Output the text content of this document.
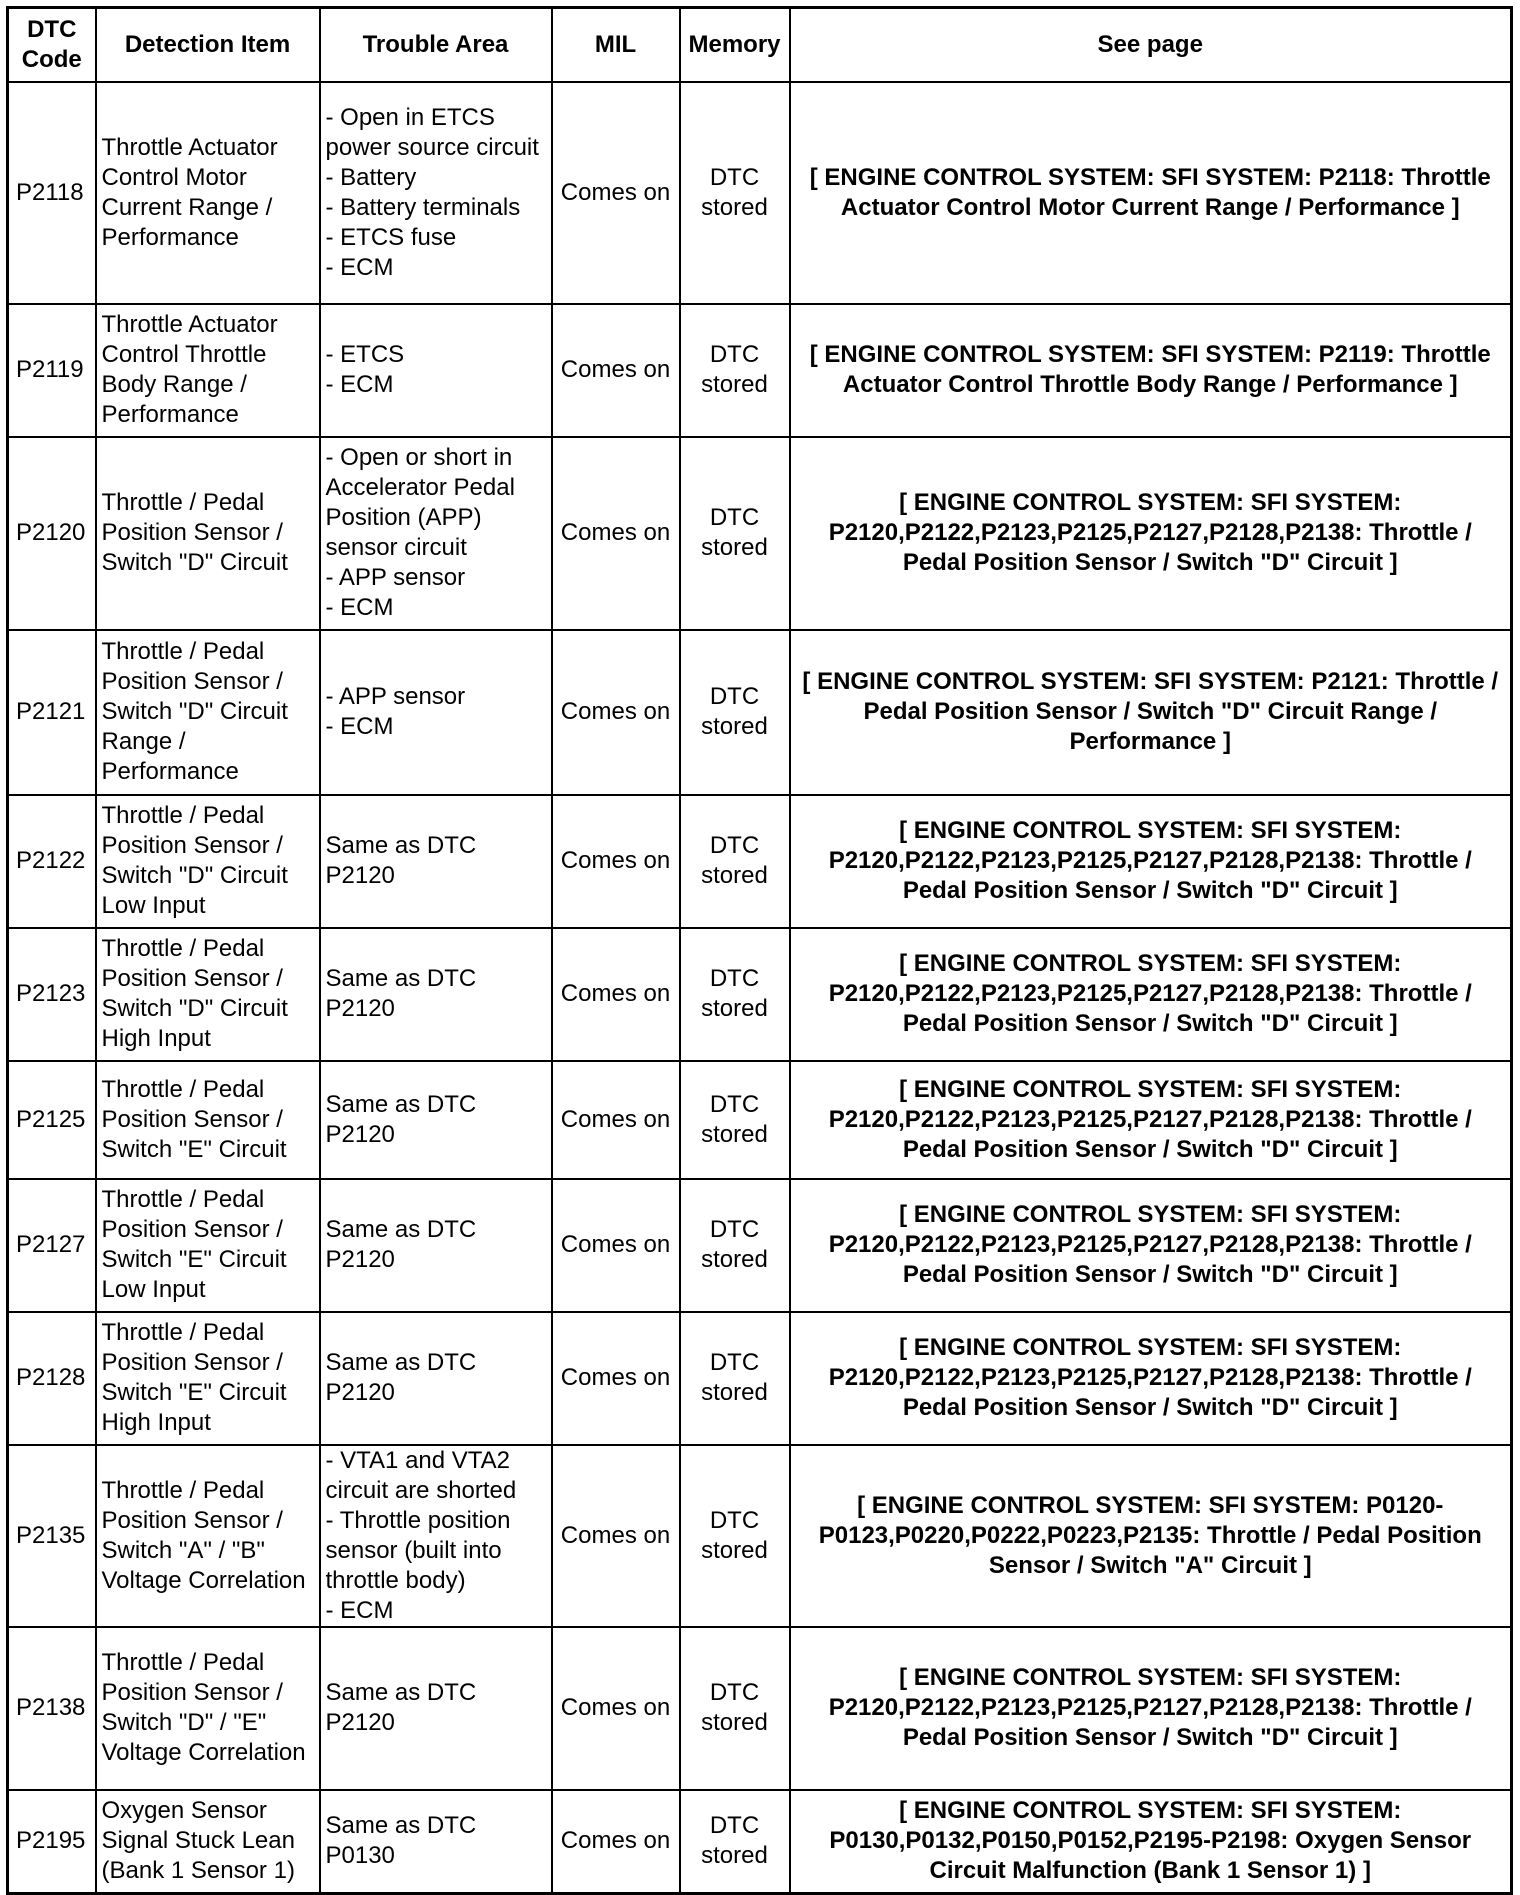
DTC
Code	Detection Item	Trouble Area	MIL	Memory	See page
P2118	Throttle Actuator Control Motor Current Range / Performance	- Open in ETCS power source circuit
- Battery
- Battery terminals
- ETCS fuse
- ECM	Comes on	DTC
stored	[ ENGINE CONTROL SYSTEM: SFI SYSTEM: P2118: Throttle Actuator Control Motor Current Range / Performance ]
P2119	Throttle Actuator Control Throttle Body Range / Performance	- ETCS
- ECM	Comes on	DTC
stored	[ ENGINE CONTROL SYSTEM: SFI SYSTEM: P2119: Throttle Actuator Control Throttle Body Range / Performance ]
P2120	Throttle / Pedal Position Sensor / Switch "D" Circuit	- Open or short in Accelerator Pedal Position (APP) sensor circuit
- APP sensor
- ECM	Comes on	DTC
stored	[ ENGINE CONTROL SYSTEM: SFI SYSTEM: P2120,P2122,P2123,P2125,P2127,P2128,P2138: Throttle / Pedal Position Sensor / Switch "D" Circuit ]
P2121	Throttle / Pedal Position Sensor / Switch "D" Circuit Range / Performance	- APP sensor
- ECM	Comes on	DTC
stored	[ ENGINE CONTROL SYSTEM: SFI SYSTEM: P2121: Throttle / Pedal Position Sensor / Switch "D" Circuit Range / Performance ]
P2122	Throttle / Pedal Position Sensor / Switch "D" Circuit Low Input	Same as DTC P2120	Comes on	DTC
stored	[ ENGINE CONTROL SYSTEM: SFI SYSTEM: P2120,P2122,P2123,P2125,P2127,P2128,P2138: Throttle / Pedal Position Sensor / Switch "D" Circuit ]
P2123	Throttle / Pedal Position Sensor / Switch "D" Circuit High Input	Same as DTC P2120	Comes on	DTC
stored	[ ENGINE CONTROL SYSTEM: SFI SYSTEM: P2120,P2122,P2123,P2125,P2127,P2128,P2138: Throttle / Pedal Position Sensor / Switch "D" Circuit ]
P2125	Throttle / Pedal Position Sensor / Switch "E" Circuit	Same as DTC P2120	Comes on	DTC
stored	[ ENGINE CONTROL SYSTEM: SFI SYSTEM: P2120,P2122,P2123,P2125,P2127,P2128,P2138: Throttle / Pedal Position Sensor / Switch "D" Circuit ]
P2127	Throttle / Pedal Position Sensor / Switch "E" Circuit Low Input	Same as DTC P2120	Comes on	DTC
stored	[ ENGINE CONTROL SYSTEM: SFI SYSTEM: P2120,P2122,P2123,P2125,P2127,P2128,P2138: Throttle / Pedal Position Sensor / Switch "D" Circuit ]
P2128	Throttle / Pedal Position Sensor / Switch "E" Circuit High Input	Same as DTC P2120	Comes on	DTC
stored	[ ENGINE CONTROL SYSTEM: SFI SYSTEM: P2120,P2122,P2123,P2125,P2127,P2128,P2138: Throttle / Pedal Position Sensor / Switch "D" Circuit ]
P2135	Throttle / Pedal Position Sensor / Switch "A" / "B" Voltage Correlation	- VTA1 and VTA2 circuit are shorted
- Throttle position sensor (built into throttle body)
- ECM	Comes on	DTC
stored	[ ENGINE CONTROL SYSTEM: SFI SYSTEM: P0120-P0123,P0220,P0222,P0223,P2135: Throttle / Pedal Position Sensor / Switch "A" Circuit ]
P2138	Throttle / Pedal Position Sensor / Switch "D" / "E" Voltage Correlation	Same as DTC P2120	Comes on	DTC
stored	[ ENGINE CONTROL SYSTEM: SFI SYSTEM: P2120,P2122,P2123,P2125,P2127,P2128,P2138: Throttle / Pedal Position Sensor / Switch "D" Circuit ]
P2195	Oxygen Sensor Signal Stuck Lean (Bank 1 Sensor 1)	Same as DTC P0130	Comes on	DTC
stored	[ ENGINE CONTROL SYSTEM: SFI SYSTEM: P0130,P0132,P0150,P0152,P2195-P2198: Oxygen Sensor Circuit Malfunction (Bank 1 Sensor 1) ]
